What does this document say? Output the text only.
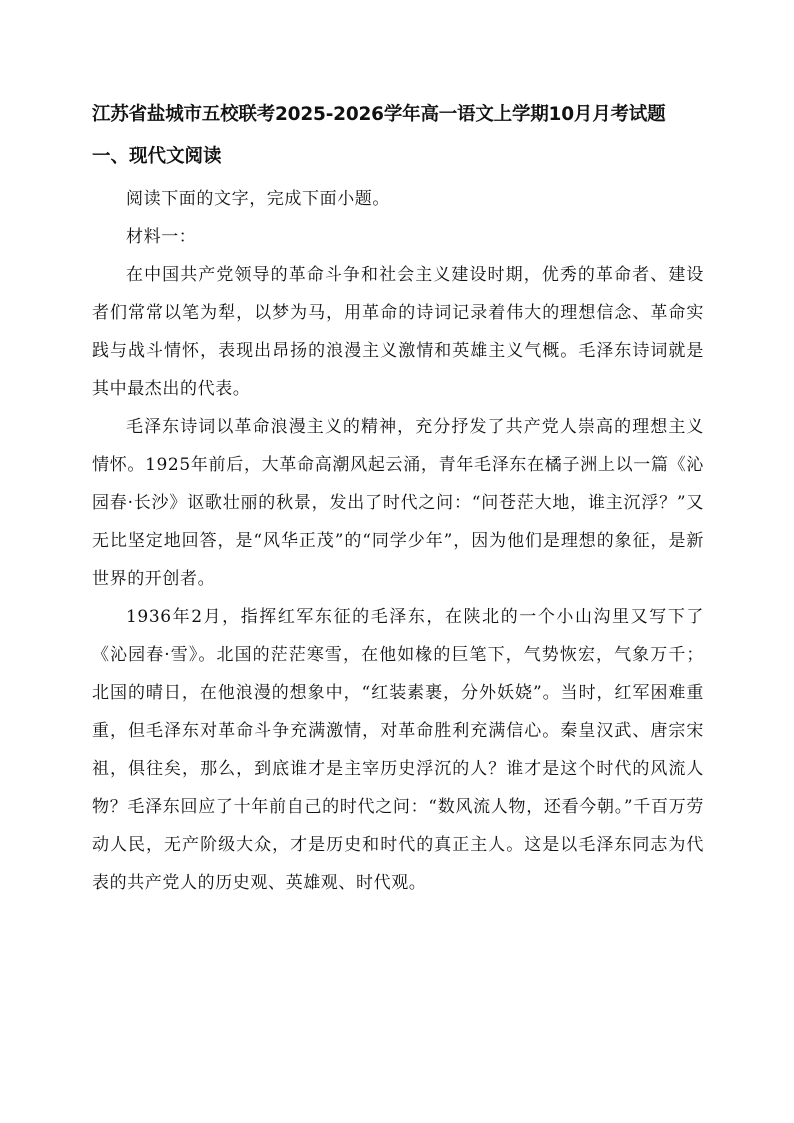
江苏省盐城市五校联考2025-2026学年高一语文上学期10月月考试题
一、现代文阅读

阅读下面的文字，完成下面小题。

材料一：

在中国共产党领导的革命斗争和社会主义建设时期，优秀的革命者、建设者们常常以笔为犁，以梦为马，用革命的诗词记录着伟大的理想信念、革命实践与战斗情怀，表现出昂扬的浪漫主义激情和英雄主义气概。毛泽东诗词就是其中最杰出的代表。

毛泽东诗词以革命浪漫主义的精神，充分抒发了共产党人崇高的理想主义情怀。1925年前后，大革命高潮风起云涌，青年毛泽东在橘子洲上以一篇《沁园春·长沙》讴歌壮丽的秋景，发出了时代之问：“问苍茫大地，谁主沉浮？”又无比坚定地回答，是“风华正茂”的“同学少年”，因为他们是理想的象征，是新世界的开创者。

1936年2月，指挥红军东征的毛泽东，在陕北的一个小山沟里又写下了《沁园春·雪》。北国的茫茫寒雪，在他如椽的巨笔下，气势恢宏，气象万千；北国的晴日，在他浪漫的想象中，“红装素裹，分外妖娆”。当时，红军困难重重，但毛泽东对革命斗争充满激情，对革命胜利充满信心。秦皇汉武、唐宗宋祖，俱往矣，那么，到底谁才是主宰历史浮沉的人？谁才是这个时代的风流人物？毛泽东回应了十年前自己的时代之问：“数风流人物，还看今朝。”千百万劳动人民，无产阶级大众，才是历史和时代的真正主人。这是以毛泽东同志为代表的共产党人的历史观、英雄观、时代观。
